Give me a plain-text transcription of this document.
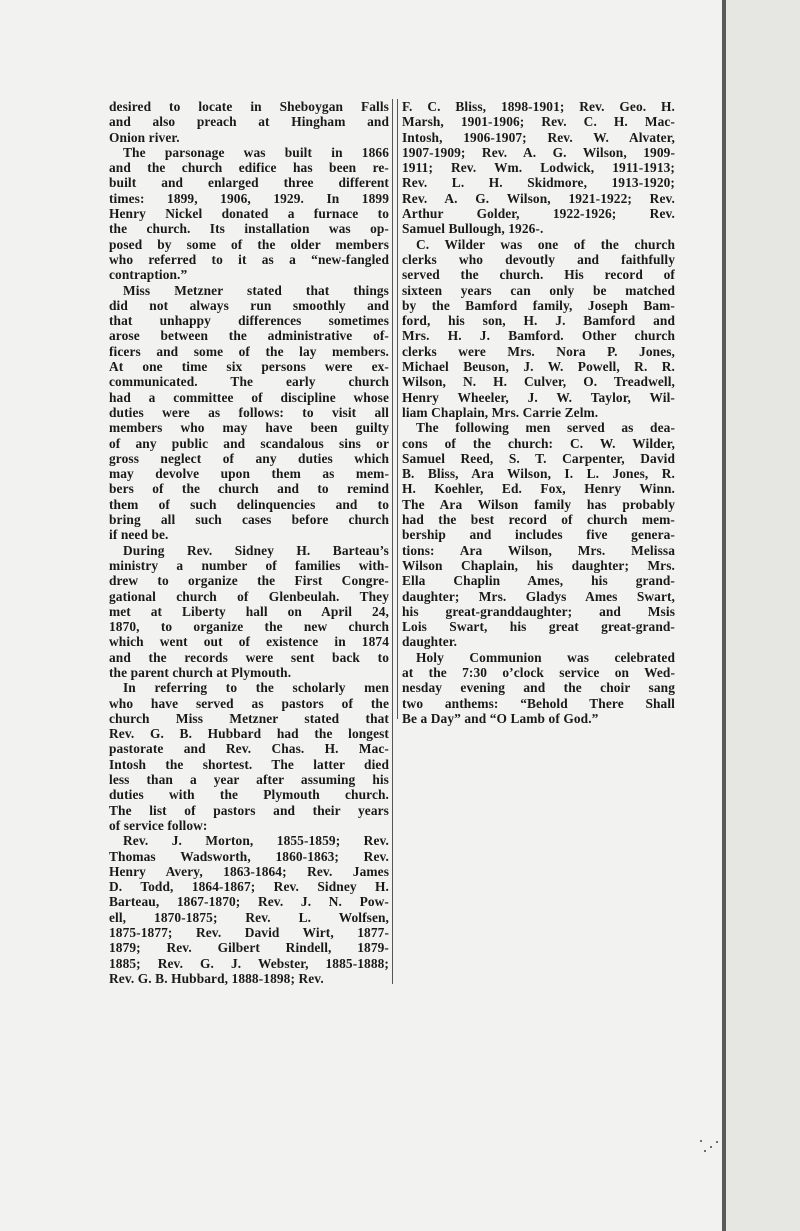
desired to locate in Sheboygan Falls
and also preach at Hingham and
Onion river.

The parsonage was built in 1866
and the church edifice has been re-
built and enlarged three different
times: 1899, 1906, 1929. In 1899
Henry Nickel donated a furnace to
the church. Its installation was op-
posed by some of the older members
who referred to it as a “new-fangled
contraption.”

Miss Metzner stated that things
did not always run smoothly and
that unhappy differences sometimes
arose between the administrative of-
ficers and some of the lay members.
At one time six persons were ex-
communicated. The early church
had a committee of discipline whose
duties were as follows: to visit all
members who may have been guilty
of any public and scandalous sins or
gross neglect of any duties which
may devolve upon them as mem-
bers of the church and to remind
them of such delinquencies and to
bring all such cases before church
if need be.

During Rev. Sidney H. Barteau’s
ministry a number of families with-
drew to organize the First Congre-
gational church of Glenbeulah. They
met at Liberty hall on April 24,
1870, to organize the new church
which went out of existence in 1874
and the records were sent back to
the parent church at Plymouth.

In referring to the scholarly men
who have served as pastors of the
church Miss Metzner stated that
Rev. G. B. Hubbard had the longest
pastorate and Rev. Chas. H. Mac-
Intosh the shortest. The latter died
less than a year after assuming his
duties with the Plymouth church.
The list of pastors and their years
of service follow:

Rev. J. Morton, 1855-1859; Rev.
Thomas Wadsworth, 1860-1863; Rev.
Henry Avery, 1863-1864; Rev. James
D. Todd, 1864-1867; Rev. Sidney H.
Barteau, 1867-1870; Rev. J. N. Pow-
ell, 1870-1875; Rev. L. Wolfsen,
1875-1877; Rev. David Wirt, 1877-
1879; Rev. Gilbert Rindell, 1879-
1885; Rev. G. J. Webster, 1885-1888;
Rev. G. B. Hubbard, 1888-1898; Rev.

F. C. Bliss, 1898-1901; Rev. Geo. H.
Marsh, 1901-1906; Rev. C. H. Mac-
Intosh, 1906-1907; Rev. W. Alvater,
1907-1909; Rev. A. G. Wilson, 1909-
1911; Rev. Wm. Lodwick, 1911-1913;
Rev. L. H. Skidmore, 1913-1920;
Rev. A. G. Wilson, 1921-1922; Rev.
Arthur Golder, 1922-1926; Rev.
Samuel Bullough, 1926-.

C. Wilder was one of the church
clerks who devoutly and faithfully
served the church. His record of
sixteen years can only be matched
by the Bamford family, Joseph Bam-
ford, his son, H. J. Bamford and
Mrs. H. J. Bamford. Other church
clerks were Mrs. Nora P. Jones,
Michael Beuson, J. W. Powell, R. R.
Wilson, N. H. Culver, O. Treadwell,
Henry Wheeler, J. W. Taylor, Wil-
liam Chaplain, Mrs. Carrie Zelm.

The following men served as dea-
cons of the church: C. W. Wilder,
Samuel Reed, S. T. Carpenter, David
B. Bliss, Ara Wilson, I. L. Jones, R.
H. Koehler, Ed. Fox, Henry Winn.
The Ara Wilson family has probably
had the best record of church mem-
bership and includes five genera-
tions: Ara Wilson, Mrs. Melissa
Wilson Chaplain, his daughter; Mrs.
Ella Chaplin Ames, his grand-
daughter; Mrs. Gladys Ames Swart,
his great-granddaughter; and Msis
Lois Swart, his great great-grand-
daughter.

Holy Communion was celebrated
at the 7:30 o’clock service on Wed-
nesday evening and the choir sang
two anthems: “Behold There Shall
Be a Day” and “O Lamb of God.”
